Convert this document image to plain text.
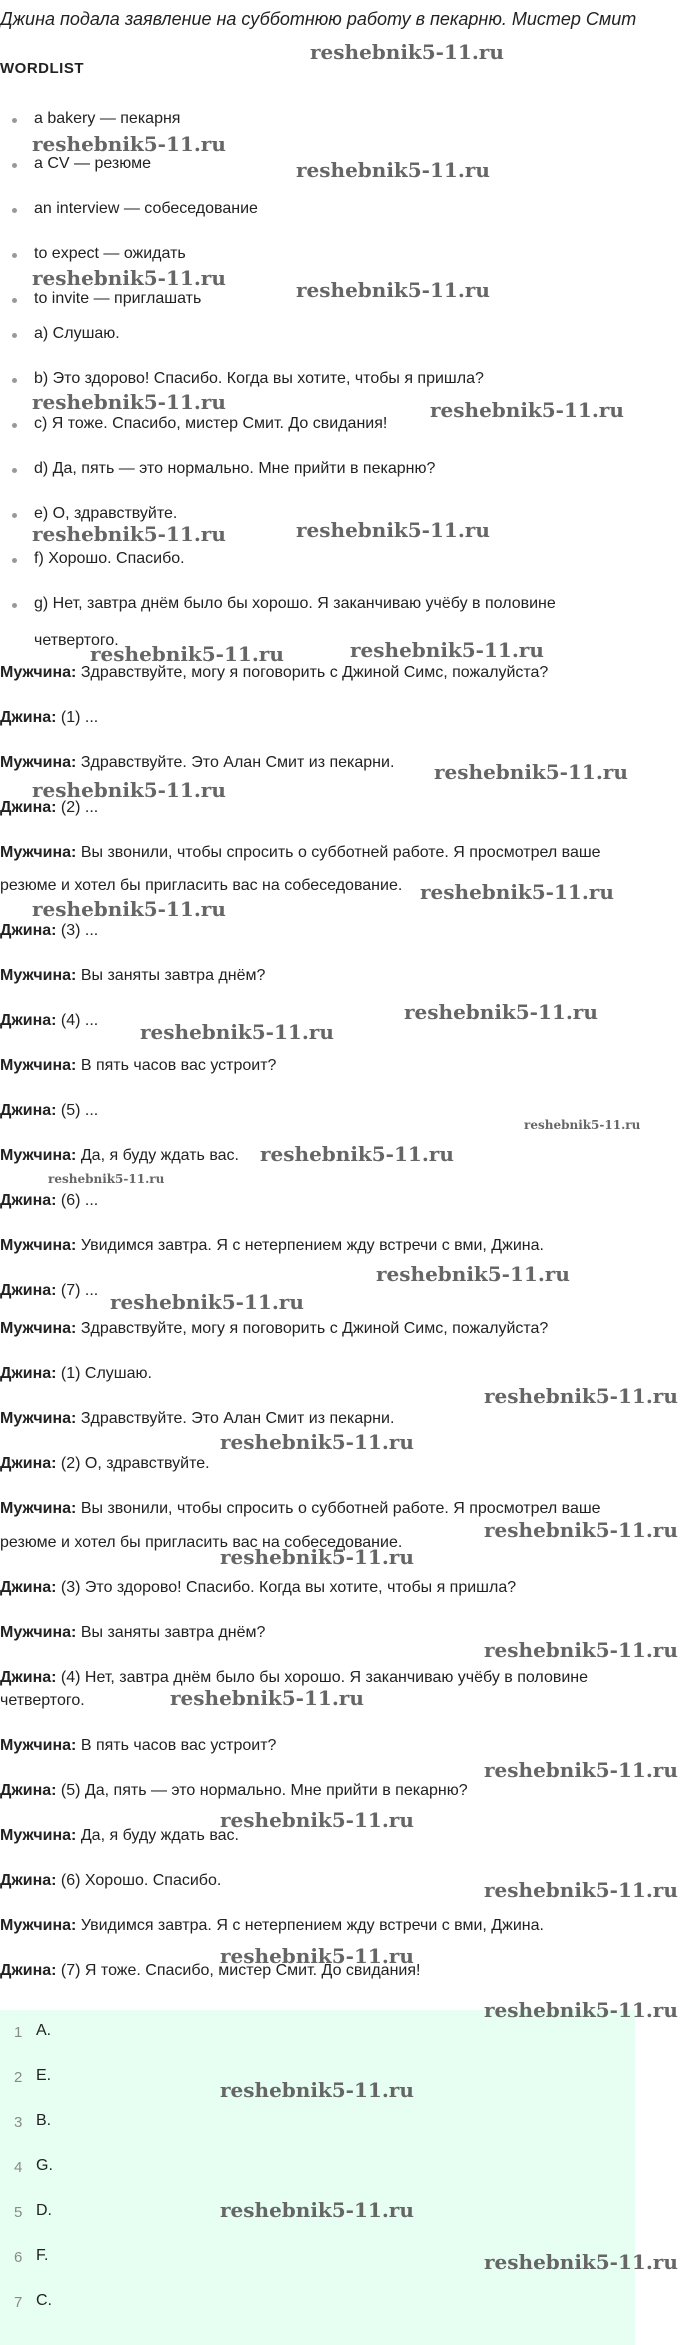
Джина подала заявление на субботнюю работу в пекарню. Мистер Смит
WORDLIST
a bakery — пекарня
a CV — резюме
an interview — собеседование
to expect — ожидать
to invite — приглашать
a) Слушаю.
b) Это здорово! Спасибо. Когда вы хотите, чтобы я пришла?
c) Я тоже. Спасибо, мистер Смит. До свидания!
d) Да, пять — это нормально. Мне прийти в пекарню?
e) О, здравствуйте.
f) Хорошо. Спасибо.
g) Нет, завтра днём было бы хорошо. Я заканчиваю учёбу в половине
четвертого.
Мужчина: Здравствуйте, могу я поговорить с Джиной Симс, пожалуйста?
Джина: (1) ...
Мужчина: Здравствуйте. Это Алан Смит из пекарни.
Джина: (2) ...
Мужчина: Вы звонили, чтобы спросить о субботней работе. Я просмотрел ваше
резюме и хотел бы пригласить вас на собеседование.
Джина: (3) ...
Мужчина: Вы заняты завтра днём?
Джина: (4) ...
Мужчина: В пять часов вас устроит?
Джина: (5) ...
Мужчина: Да, я буду ждать вас.
Джина: (6) ...
Мужчина: Увидимся завтра. Я с нетерпением жду встречи с вми, Джина.
Джина: (7) ...
Мужчина: Здравствуйте, могу я поговорить с Джиной Симс, пожалуйста?
Джина: (1) Слушаю.
Мужчина: Здравствуйте. Это Алан Смит из пекарни.
Джина: (2) О, здравствуйте.
Мужчина: Вы звонили, чтобы спросить о субботней работе. Я просмотрел ваше
резюме и хотел бы пригласить вас на собеседование.
Джина: (3) Это здорово! Спасибо. Когда вы хотите, чтобы я пришла?
Мужчина: Вы заняты завтра днём?
Джина: (4) Нет, завтра днём было бы хорошо. Я заканчиваю учёбу в половине
четвертого.
Мужчина: В пять часов вас устроит?
Джина: (5) Да, пять — это нормально. Мне прийти в пекарню?
Мужчина: Да, я буду ждать вас.
Джина: (6) Хорошо. Спасибо.
Мужчина: Увидимся завтра. Я с нетерпением жду встречи с вми, Джина.
Джина: (7) Я тоже. Спасибо, мистер Смит. До свидания!
1 A.
2 E.
3 B.
4 G.
5 D.
6 F.
7 C.
reshebnik5-11.ru
reshebnik5-11.ru
reshebnik5-11.ru
reshebnik5-11.ru	reshebnik5-11.ru
reshebnik5-11.ru	reshebnik5-11.ru
reshebnik5-11.ru	reshebnik5-11.ru
reshebnik5-11.ru	reshebnik5-11.ru
reshebnik5-11.ru
reshebnik5-11.ru
reshebnik5-11.ru
reshebnik5-11.ru
reshebnik5-11.ru
reshebnik5-11.ru
reshebnik5-11.ru
reshebnik5-11.ru
reshebnik5-11.ru
reshebnik5-11.ru
reshebnik5-11.ru
reshebnik5-11.ru
reshebnik5-11.ru
reshebnik5-11.ru
reshebnik5-11.ru
reshebnik5-11.ru
reshebnik5-11.ru
reshebnik5-11.ru
reshebnik5-11.ru
reshebnik5-11.ru
reshebnik5-11.ru
reshebnik5-11.ru
reshebnik5-11.ru
reshebnik5-11.ru
reshebnik5-11.ru
